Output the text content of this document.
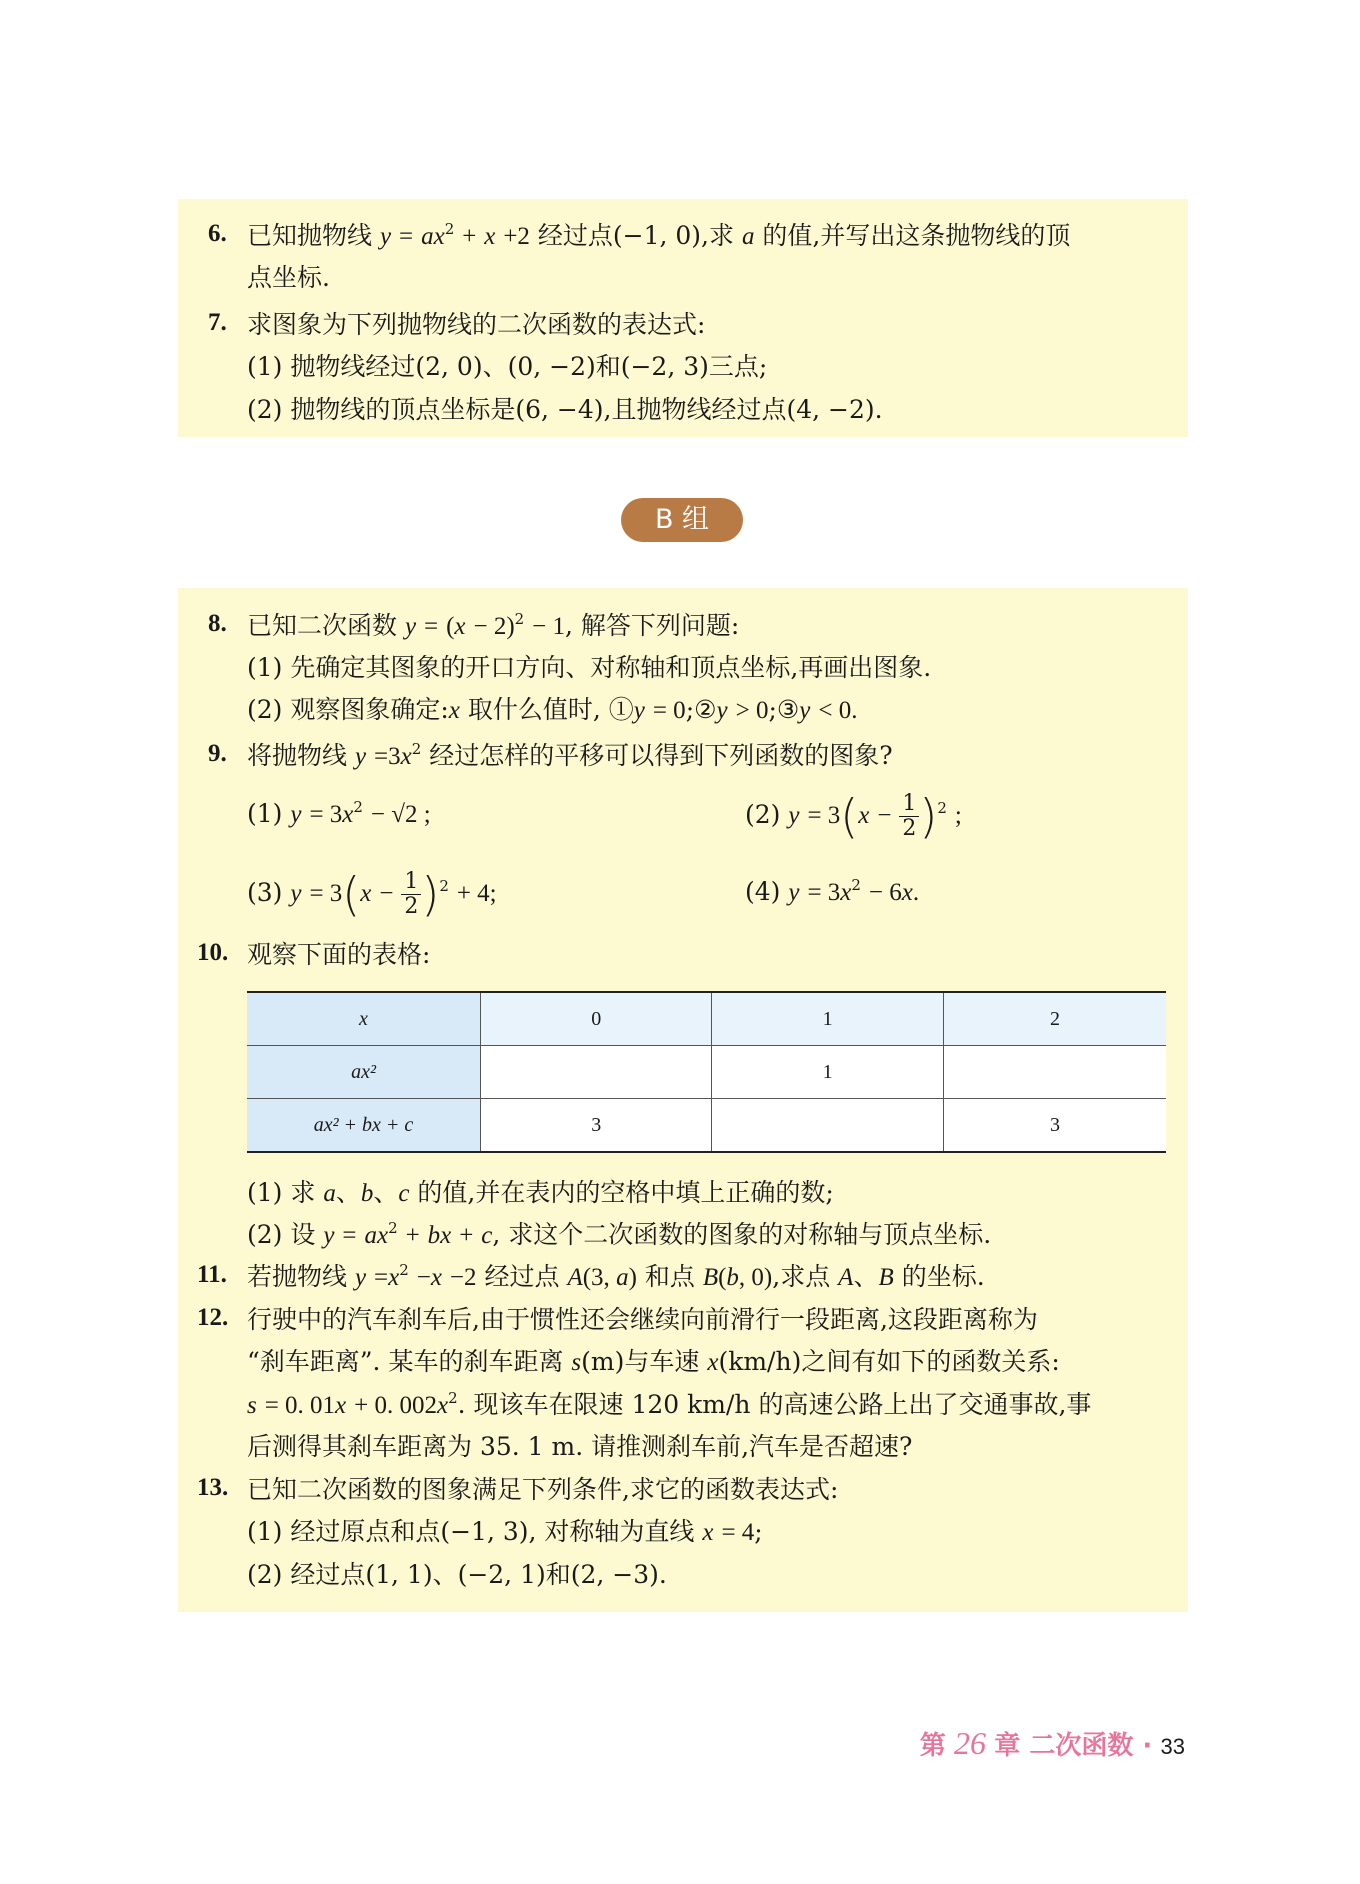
6. 已知抛物线 $y = ax^2 + x +2$ 经过点(−1, 0),求 a 的值,并写出这条抛物线的顶
点坐标.
7. 求图象为下列抛物线的二次函数的表达式:
(1) 抛物线经过(2, 0)、(0, −2)和(−2, 3)三点;
(2) 抛物线的顶点坐标是(6, −4),且抛物线经过点(4, −2).
B 组
8. 已知二次函数 $y = (x - 2)^2 - 1$, 解答下列问题:
(1) 先确定其图象的开口方向、对称轴和顶点坐标,再画出图象.
(2) 观察图象确定:x 取什么值时, ①y = 0;②y > 0;③y < 0.
9. 将抛物线 $y =3x^2$ 经过怎样的平移可以得到下列函数的图象?
(1) $y = 3x^2 - √2$ ;	(2) $y = 3(x - \frac{1}{2} )^2$ ;
(3) $y = 3(x - \frac{1}{2} )^2 + 4$;	(4) $y = 3x^2 - 6x$.
10. 观察下面的表格:
x	0	1	2
ax²		1	
ax² + bx + c	3		3
(1) 求 a、b、c 的值,并在表内的空格中填上正确的数;
(2) 设 $y = ax^2$ + bx + c, 求这个二次函数的图象的对称轴与顶点坐标.
11. 若抛物线 $y =x^2 -x -2$ 经过点 A(3, a) 和点 B(b, 0),求点 A、B 的坐标.
12. 行驶中的汽车刹车后,由于惯性还会继续向前滑行一段距离,这段距离称为
“刹车距离”. 某车的刹车距离 s(m)与车速 x(km/h)之间有如下的函数关系:
s = 0. 01x + 0. $002x^2$. 现该车在限速 120 km/h 的高速公路上出了交通事故,事
后测得其刹车距离为 35. 1 m. 请推测刹车前,汽车是否超速?
13. 已知二次函数的图象满足下列条件,求它的函数表达式:
(1) 经过原点和点(−1, 3), 对称轴为直线 x = 4;
(2) 经过点(1, 1)、(−2, 1)和(2, −3).
第 26 章 二次函数 · 33
